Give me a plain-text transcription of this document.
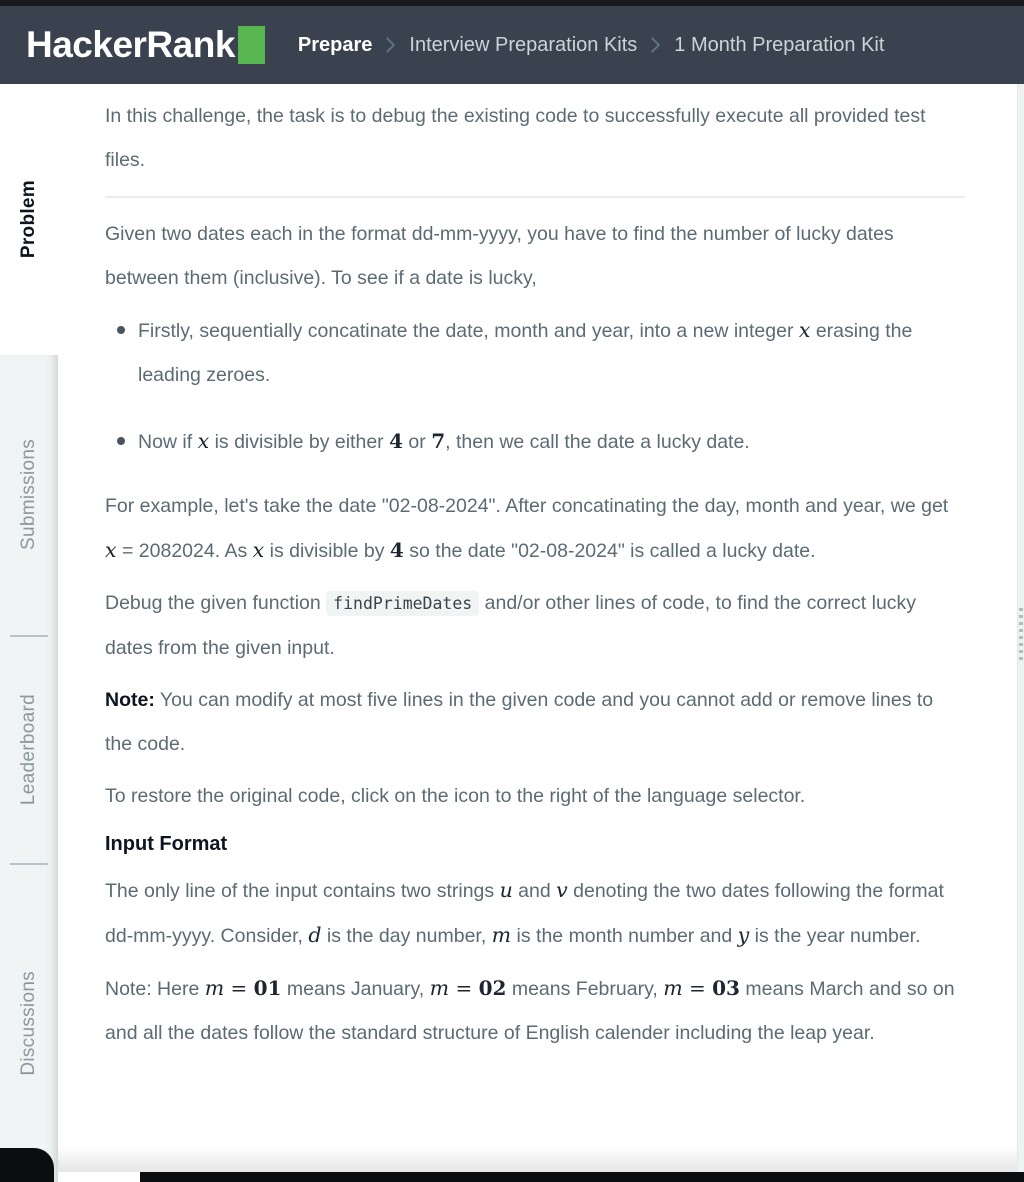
HackerRank	Prepare Interview Preparation Kits 1 Month Preparation Kit
Problem
Submissions
Leaderboard
Discussions

In this challenge, the task is to debug the existing code to successfully execute all provided test files.

Given two dates each in the format dd-mm-yyyy, you have to find the number of lucky dates between them (inclusive). To see if a date is lucky,

Firstly, sequentially concatinate the date, month and year, into a new integer x erasing the leading zeroes.
Now if x is divisible by either 4 or 7, then we call the date a lucky date.

For example, let's take the date "02-08-2024". After concatinating the day, month and year, we get x = 2082024. As x is divisible by 4 so the date "02-08-2024" is called a lucky date.

Debug the given function findPrimeDates and/or other lines of code, to find the correct lucky dates from the given input.

Note: You can modify at most five lines in the given code and you cannot add or remove lines to the code.

To restore the original code, click on the icon to the right of the language selector.

Input Format

The only line of the input contains two strings u and v denoting the two dates following the format dd-mm-yyyy. Consider, d is the day number, m is the month number and y is the year number.

Note: Here m = 01 means January, m = 02 means February, m = 03 means March and so on and all the dates follow the standard structure of English calender including the leap year.
